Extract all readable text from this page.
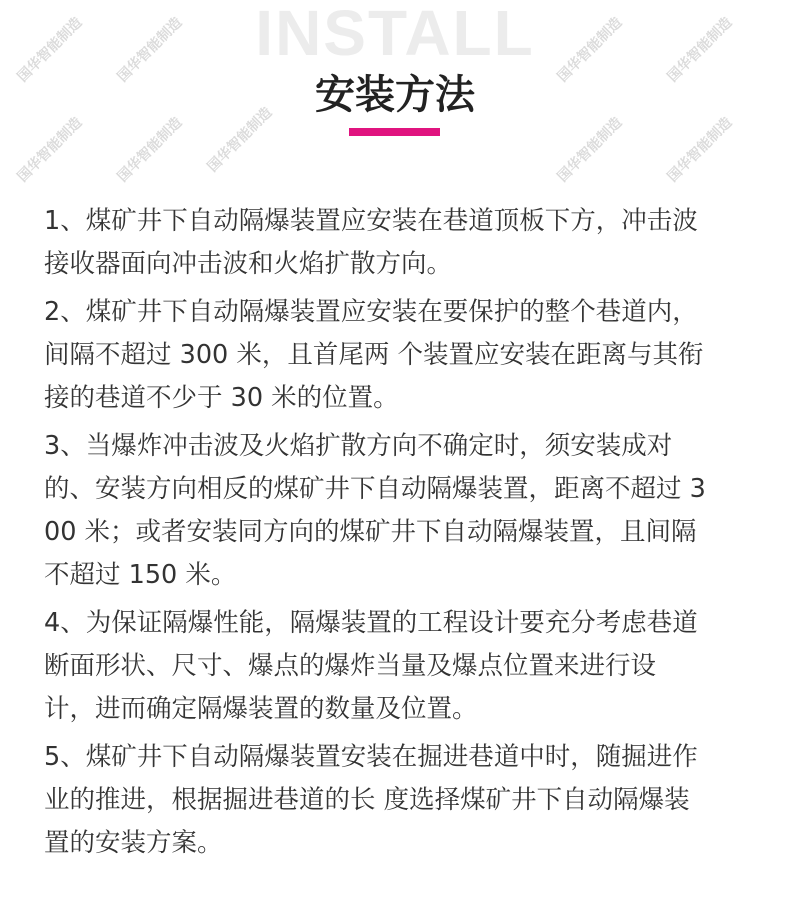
INSTALL
安装方法
1、煤矿井下自动隔爆装置应安装在巷道顶板下方，冲击波
接收器面向冲击波和火焰扩散方向。
2、煤矿井下自动隔爆装置应安装在要保护的整个巷道内，
间隔不超过 300 米，且首尾两 个装置应安装在距离与其衔
接的巷道不少于 30 米的位置。
3、当爆炸冲击波及火焰扩散方向不确定时，须安装成对
的、安装方向相反的煤矿井下自动隔爆装置，距离不超过 3
00 米；或者安装同方向的煤矿井下自动隔爆装置，且间隔
不超过 150 米。
4、为保证隔爆性能，隔爆装置的工程设计要充分考虑巷道
断面形状、尺寸、爆点的爆炸当量及爆点位置来进行设
计，进而确定隔爆装置的数量及位置。
5、煤矿井下自动隔爆装置安装在掘进巷道中时，随掘进作
业的推进，根据掘进巷道的长 度选择煤矿井下自动隔爆装
置的安装方案。
国华智能制造 国华智能制造
国华智能制造 国华智能制造 国华智能制造
国华智能制造	国华智能制造
国华智能制造	国华智能制造
